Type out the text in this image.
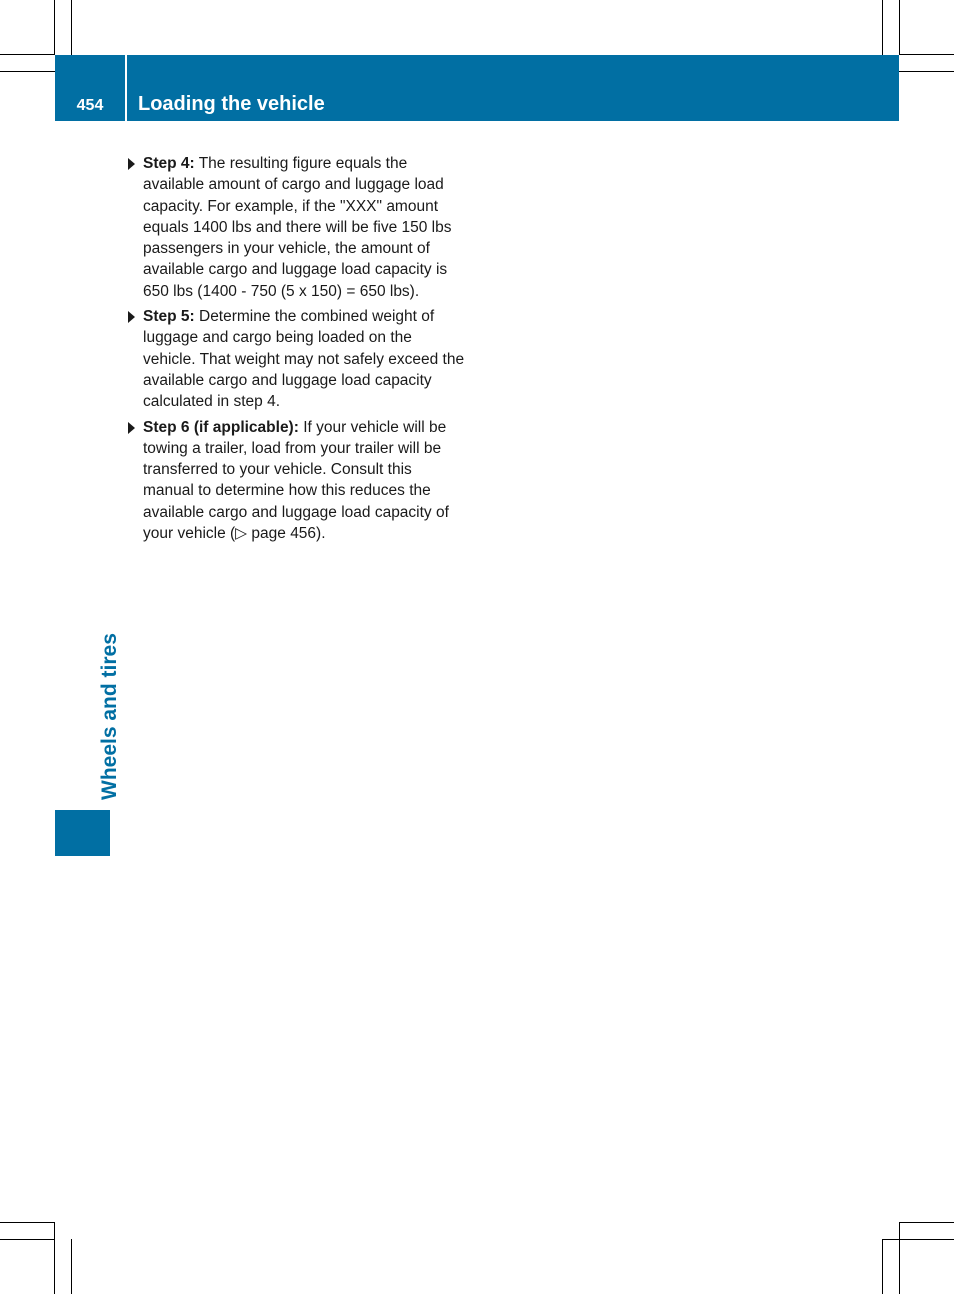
454	Loading the vehicle
Wheels and tires
Step 4: The resulting figure equals the available amount of cargo and luggage load capacity. For example, if the "XXX" amount equals 1400 lbs and there will be five 150 lbs passengers in your vehicle, the amount of available cargo and luggage load capacity is 650 lbs (1400 - 750 (5 x 150) = 650 lbs).
Step 5: Determine the combined weight of luggage and cargo being loaded on the vehicle. That weight may not safely exceed the available cargo and luggage load capacity calculated in step 4.
Step 6 (if applicable): If your vehicle will be towing a trailer, load from your trailer will be transferred to your vehicle. Consult this manual to determine how this reduces the available cargo and luggage load capacity of your vehicle (▷ page 456).
